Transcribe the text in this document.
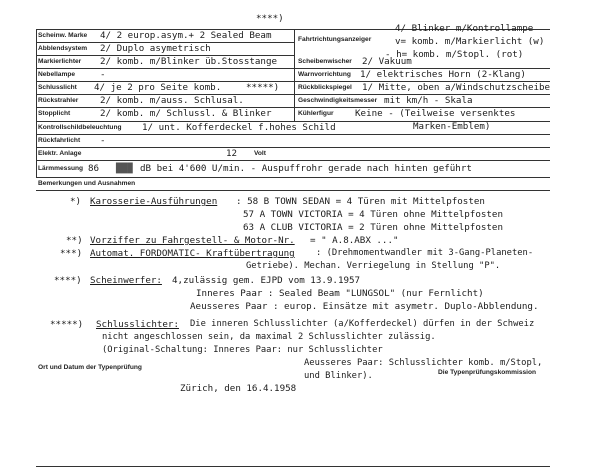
****)
Scheinw. Marke 4/ 2 europ.asym.+ 2 Sealed Beam
4/ Blinker m/Kontrollampe
Fahrtrichtungsanzeiger	v= komb. m/Markierlicht (w)
- h= komb. m/Stopl. (rot)
Abblendsystem 2/ Duplo asymetrisch
Markierlichter 2/ komb. m/Blinker üb.Stosstange	Scheibenwischer 2/ Vakuum
Nebellampe	-	Warnvorrichtung 1/ elektrisches Horn (2-Klang)
Schlusslicht 4/ je 2 pro Seite komb.	*****)	Rückblickspiegel 1/ Mitte, oben a/Windschutzscheibe
Rückstrahler 2/ komb. m/auss. Schlusal.	Geschwindigkeitsmesser mit km/h - Skala
Stopplicht	2/ komb. m/ Schlussl. & Blinker	Kühlerfigur Keine - (Teilweise versenktes
Marken-Emblem)
Kontrollschildbeleuchtung 1/ unt. Kofferdeckel f.hohes Schild
Rückfahrlicht -
Elektr. Anlage	12	Volt
Lärmmessung 86 ███ dB bei 4'600 U/min. - Auspuffrohr gerade nach hinten geführt
Bemerkungen und Ausnahmen
*) Karosserie-Ausführungen : 58 B TOWN SEDAN = 4 Türen mit Mittelpfosten
57 A TOWN VICTORIA = 4 Türen ohne Mittelpfosten
63 A CLUB VICTORIA = 2 Türen ohne Mittelpfosten
**) Vorziffer zu Fahrgestell- & Motor-Nr. = " A.8.ABX ..."
***) Automat. FORDOMATIC- Kraftübertragung : (Drehmomentwandler mit 3-Gang-Planeten-
Getriebe). Mechan. Verriegelung in Stellung "P".
****) Scheinwerfer: 4,zulässig gem. EJPD vom 13.9.1957
Inneres Paar : Sealed Beam "LUNGSOL" (nur Fernlicht)
Aeusseres Paar : europ. Einsätze mit asymetr. Duplo-Abblendung.
*****) Schlusslichter: Die inneren Schlusslichter (a/Kofferdeckel) dürfen in der Schweiz
nicht angeschlossen sein, da maximal 2 Schlusslichter zulässig.
(Original-Schaltung: Inneres Paar: nur Schlusslichter
Aeusseres Paar: Schlusslichter komb. m/Stopl,
und Blinker).
Ort und Datum der Typenprüfung
Zürich, den 16.4.1958
Die Typenprüfungskommission
